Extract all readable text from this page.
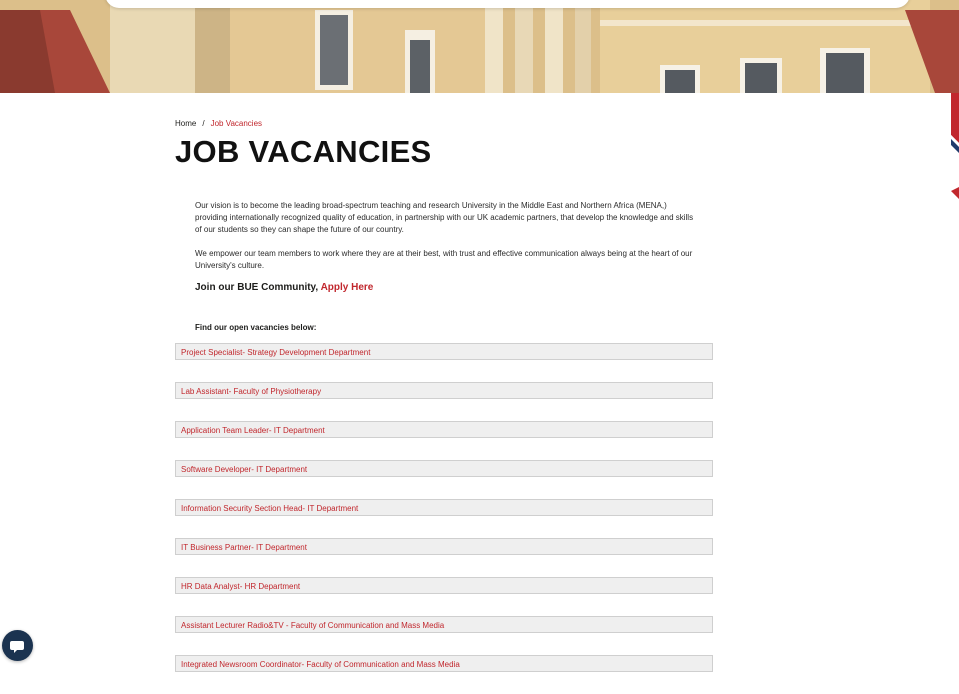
Home / Job Vacancies
JOB VACANCIES

Our vision is to become the leading broad-spectrum teaching and research University in the Middle East and Northern Africa (MENA,) providing internationally recognized quality of education, in partnership with our UK academic partners, that develop the knowledge and skills of our students so they can shape the future of our country.

We empower our team members to work where they are at their best, with trust and effective communication always being at the heart of our University's culture.

Join our BUE Community, Apply Here
Find our open vacancies below:
Project Specialist- Strategy Development Department
Lab Assistant- Faculty of Physiotherapy
Application Team Leader- IT Department
Software Developer- IT Department
Information Security Section Head- IT Department
IT Business Partner- IT Department
HR Data Analyst- HR Department
Assistant Lecturer Radio&TV - Faculty of Communication and Mass Media
Integrated Newsroom Coordinator- Faculty of Communication and Mass Media
